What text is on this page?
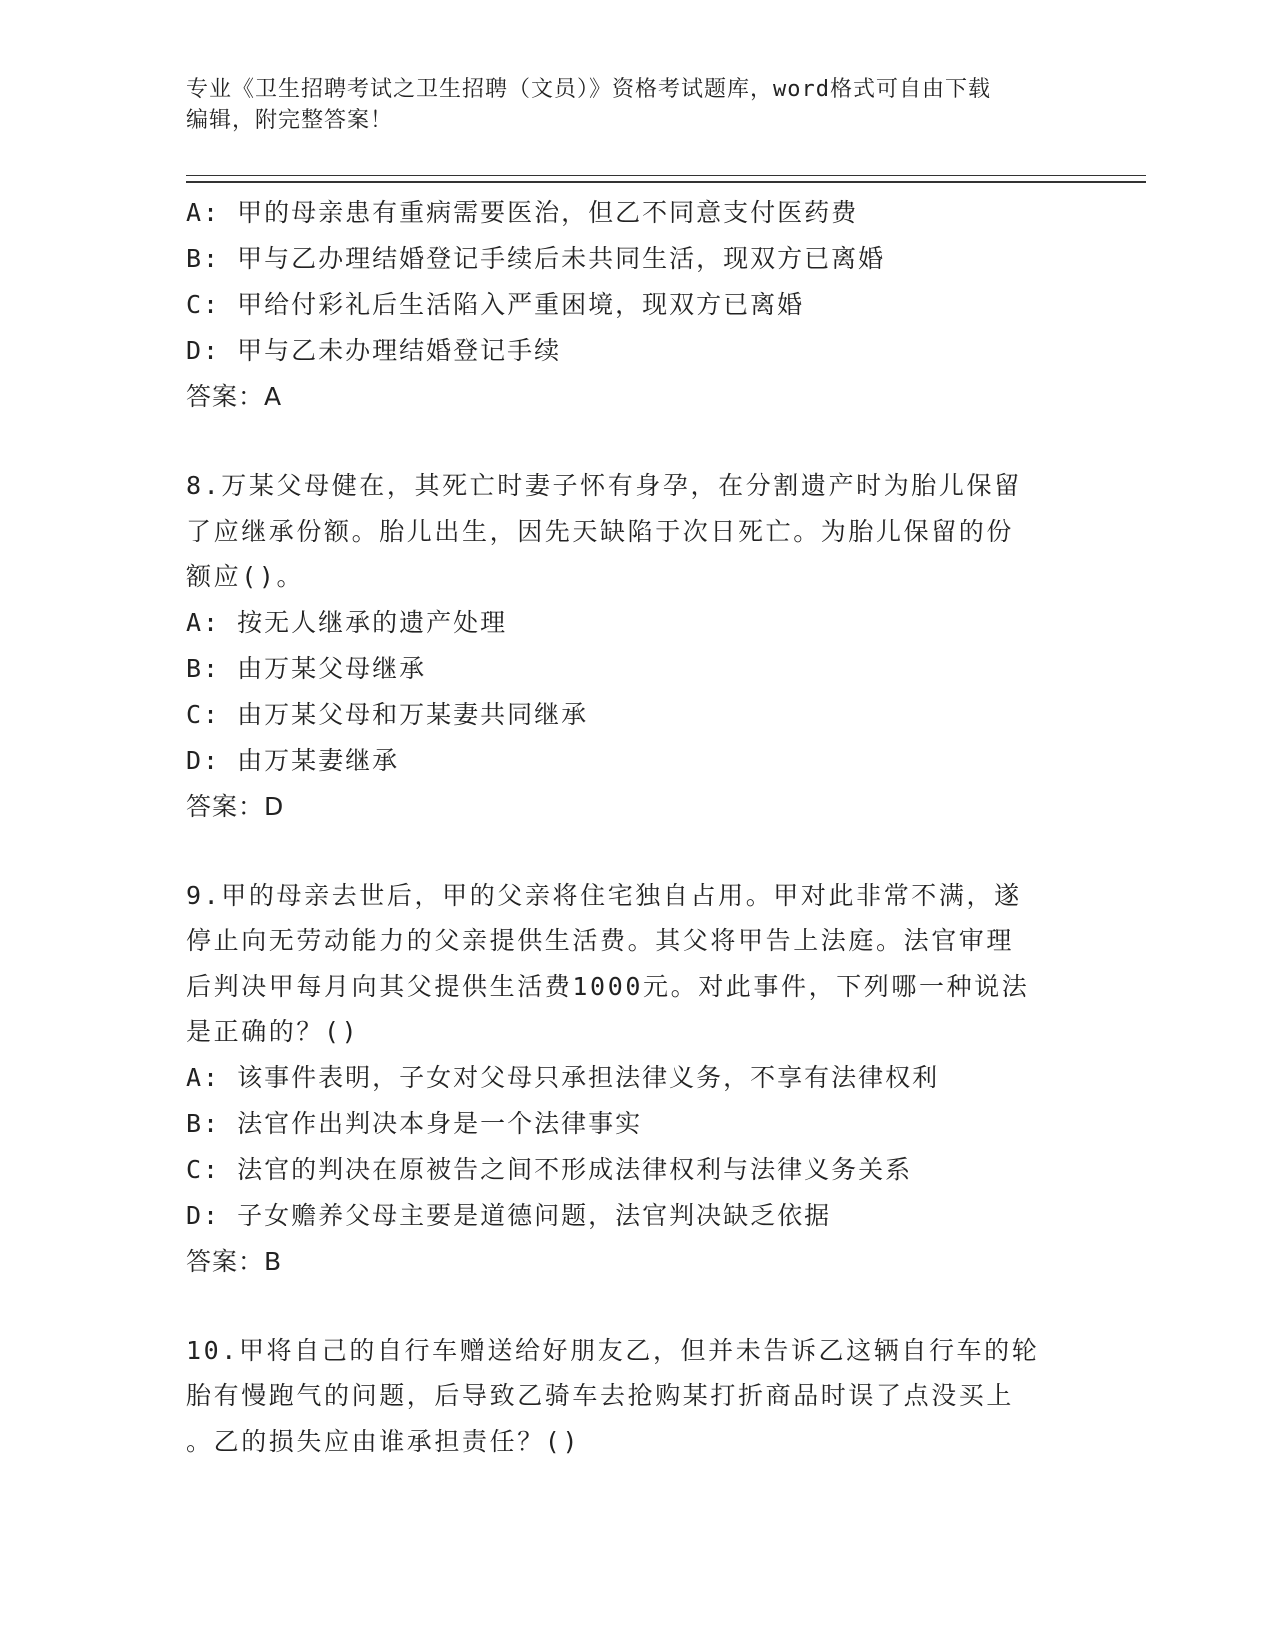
专业《卫生招聘考试之卫生招聘（文员）》资格考试题库，word格式可自由下载
编辑，附完整答案！
A: 甲的母亲患有重病需要医治，但乙不同意支付医药费
B: 甲与乙办理结婚登记手续后未共同生活，现双方已离婚
C: 甲给付彩礼后生活陷入严重困境，现双方已离婚
D: 甲与乙未办理结婚登记手续
答案：A
8.万某父母健在，其死亡时妻子怀有身孕，在分割遗产时为胎儿保留
了应继承份额。胎儿出生，因先天缺陷于次日死亡。为胎儿保留的份
额应()。
A: 按无人继承的遗产处理
B: 由万某父母继承
C: 由万某父母和万某妻共同继承
D: 由万某妻继承
答案：D
9.甲的母亲去世后，甲的父亲将住宅独自占用。甲对此非常不满，遂
停止向无劳动能力的父亲提供生活费。其父将甲告上法庭。法官审理
后判决甲每月向其父提供生活费1000元。对此事件，下列哪一种说法
是正确的？()
A: 该事件表明，子女对父母只承担法律义务，不享有法律权利
B: 法官作出判决本身是一个法律事实
C: 法官的判决在原被告之间不形成法律权利与法律义务关系
D: 子女赡养父母主要是道德问题，法官判决缺乏依据
答案：B
10.甲将自己的自行车赠送给好朋友乙，但并未告诉乙这辆自行车的轮
胎有慢跑气的问题，后导致乙骑车去抢购某打折商品时误了点没买上
。乙的损失应由谁承担责任？()
